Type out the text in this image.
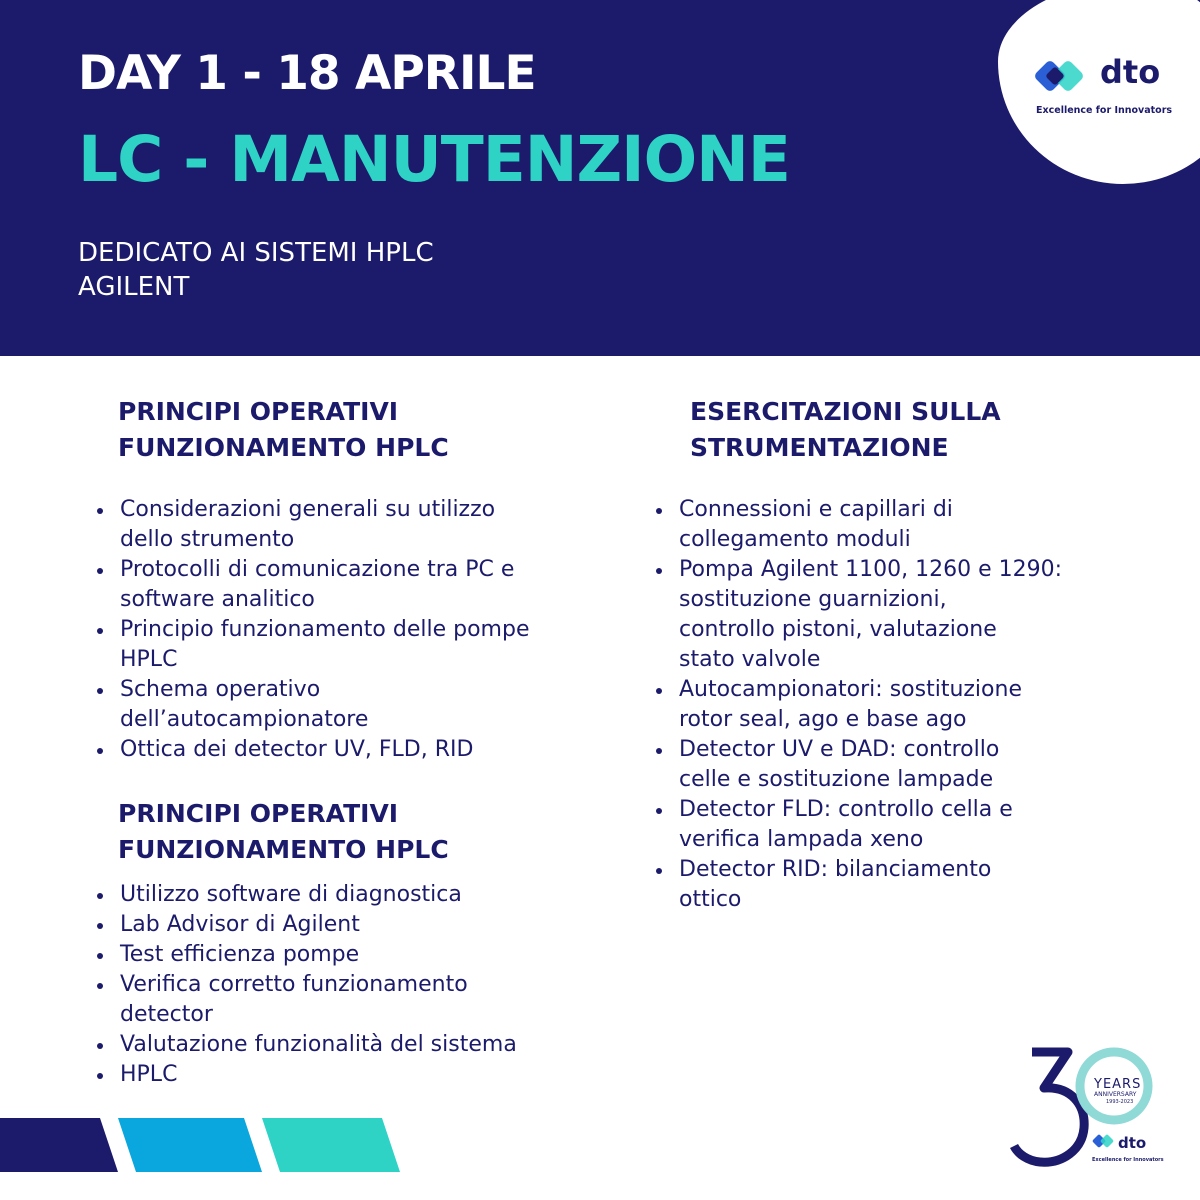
DAY 1 - 18 APRILE
LC - MANUTENZIONE

DEDICATO AI SISTEMI HPLC
AGILENT

dto
Excellence for Innovators
PRINCIPI OPERATIVI
FUNZIONAMENTO HPLC
Considerazioni generali su utilizzo
dello strumento
Protocolli di comunicazione tra PC e
software analitico
Principio funzionamento delle pompe
HPLC
Schema operativo
dell’autocampionatore
Ottica dei detector UV, FLD, RID
PRINCIPI OPERATIVI
FUNZIONAMENTO HPLC
Utilizzo software di diagnostica
Lab Advisor di Agilent
Test efficienza pompe
Verifica corretto funzionamento
detector
Valutazione funzionalità del sistema
HPLC
ESERCITAZIONI SULLA
STRUMENTAZIONE
Connessioni e capillari di
collegamento moduli
Pompa Agilent 1100, 1260 e 1290:
sostituzione guarnizioni,
controllo pistoni, valutazione
stato valvole
Autocampionatori: sostituzione
rotor seal, ago e base ago
Detector UV e DAD: controllo
celle e sostituzione lampade
Detector FLD: controllo cella e
verifica lampada xeno
Detector RID: bilanciamento
ottico
YEARS
ANNIVERSARY
1993-2023
dto
Excellence for Innovators
